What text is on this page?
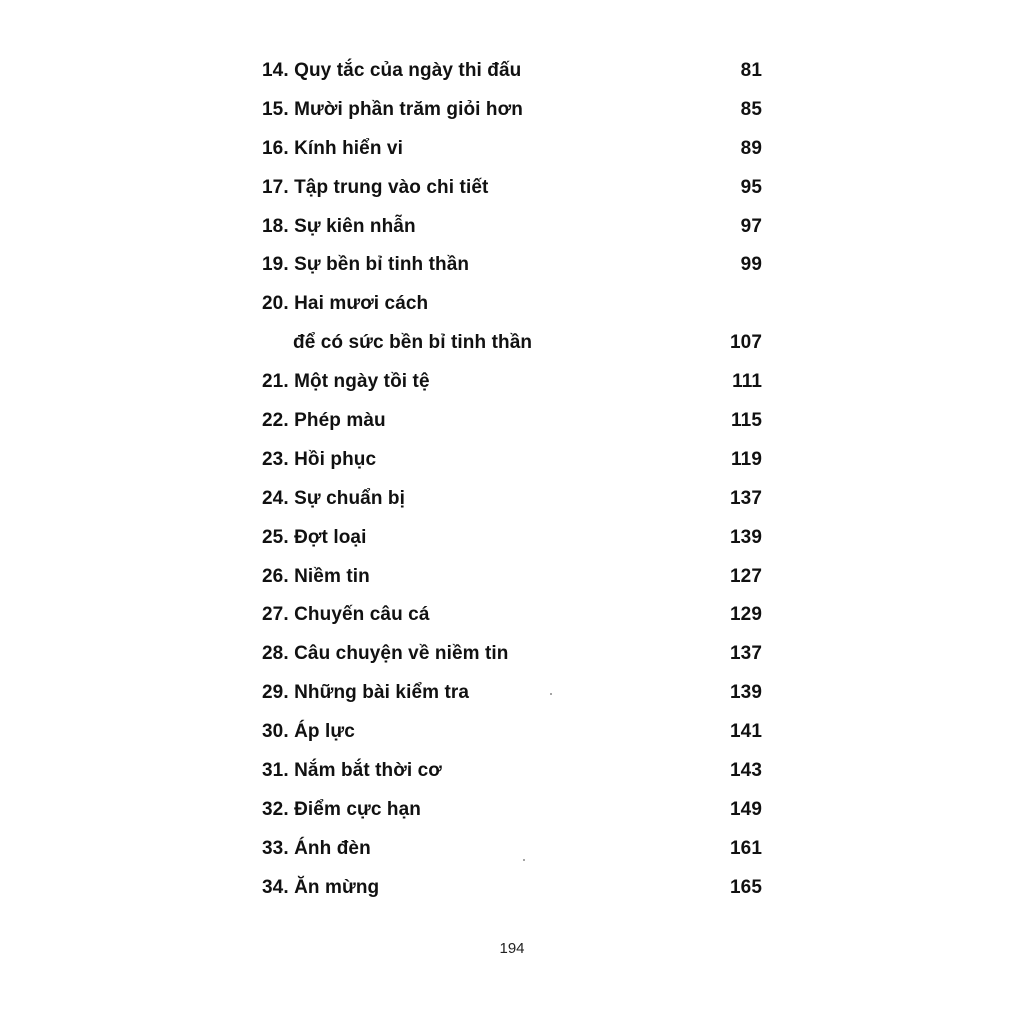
14. Quy tắc của ngày thi đấu	81
15. Mười phần trăm giỏi hơn	85
16. Kính hiển vi	89
17. Tập trung vào chi tiết	95
18. Sự kiên nhẫn	97
19. Sự bền bỉ tinh thần	99
20. Hai mươi cách
để có sức bền bỉ tinh thần	107
21. Một ngày tồi tệ	111
22. Phép màu	115
23. Hồi phục	119
24. Sự chuẩn bị	137
25. Đợt loại	139
26. Niềm tin	127
27. Chuyến câu cá	129
28. Câu chuyện về niềm tin	137
29. Những bài kiểm tra	139
30. Áp lực	141
31. Nắm bắt thời cơ	143
32. Điểm cực hạn	149
33. Ánh đèn	161
34. Ăn mừng	165
194
